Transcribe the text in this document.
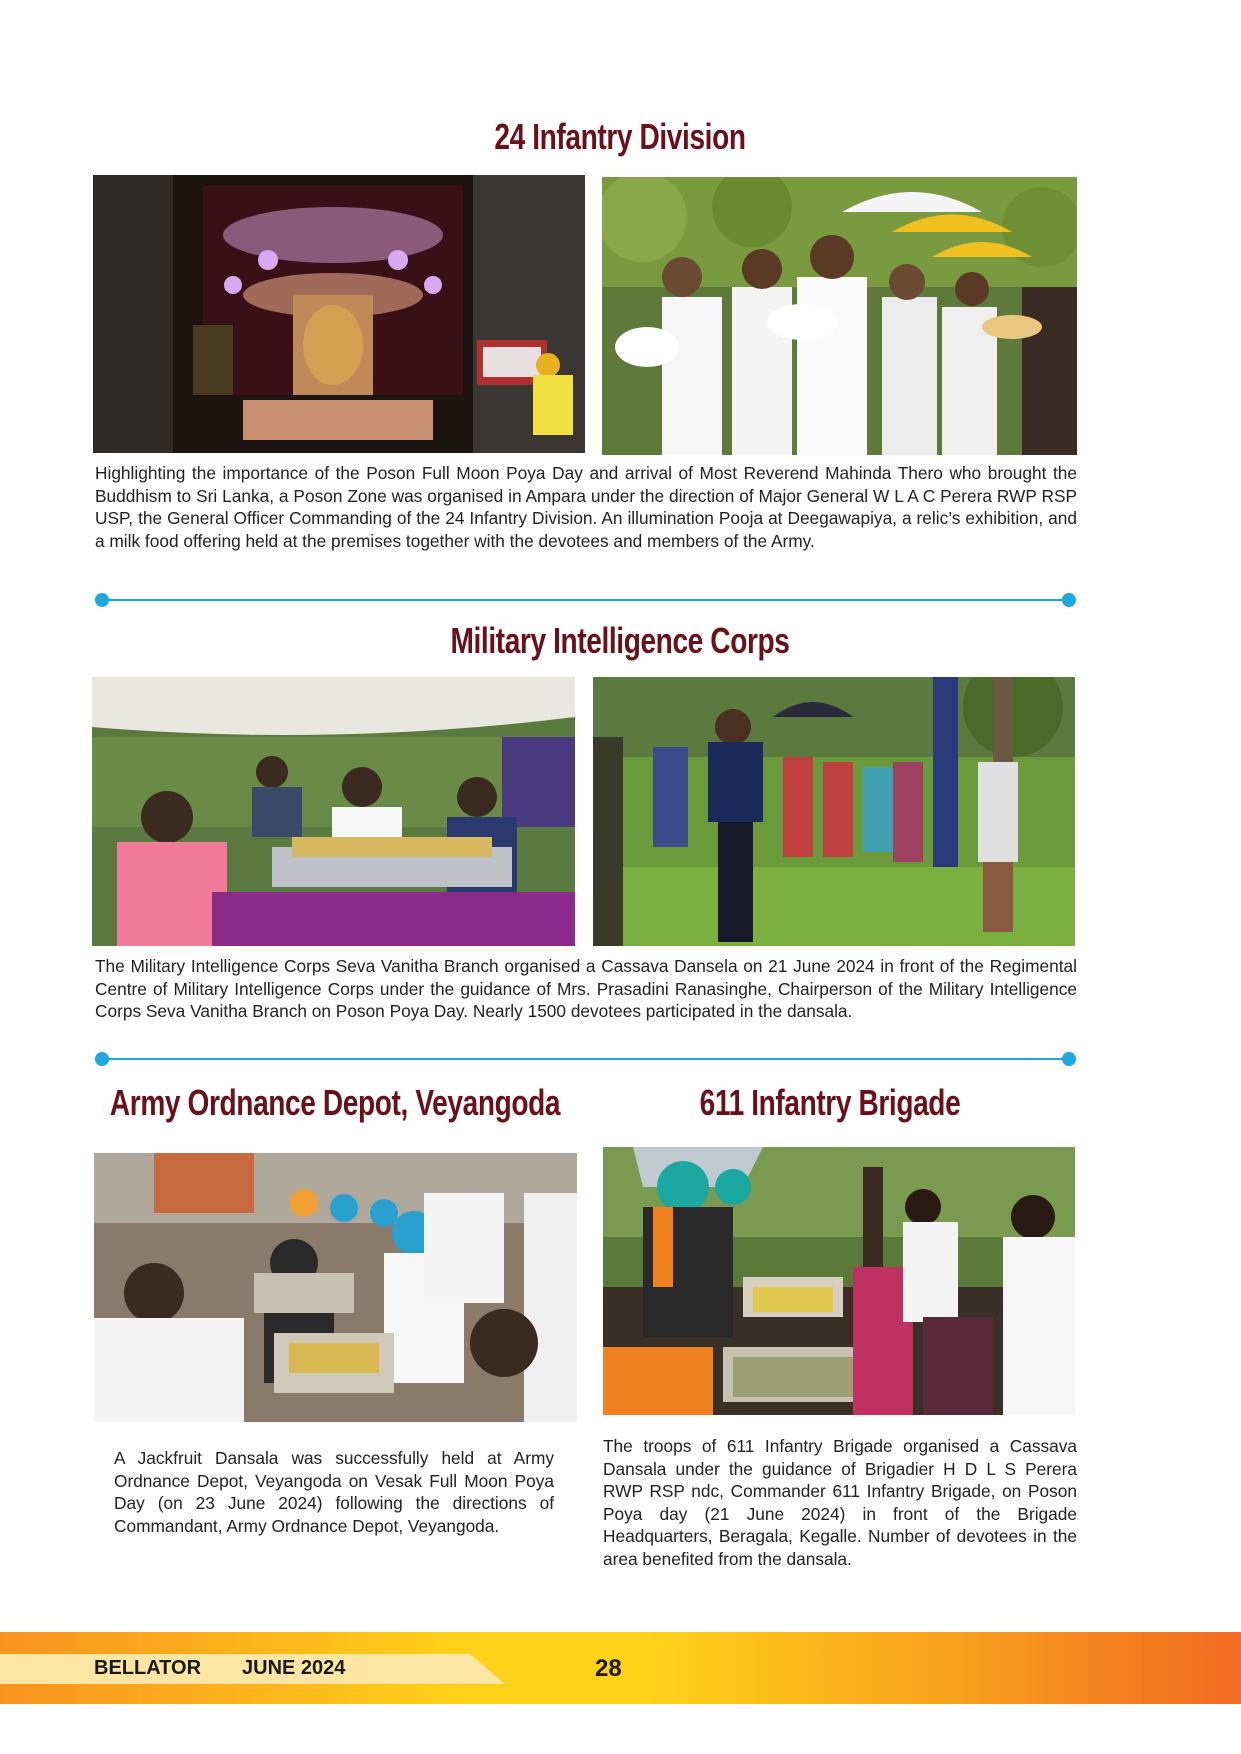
24 Infantry Division

Highlighting the importance of the Poson Full Moon Poya Day and arrival of Most Reverend Mahinda Thero who brought the Buddhism to Sri Lanka, a Poson Zone was organised in Ampara under the direction of Major General W L A C Perera RWP RSP USP, the General Officer Commanding of the 24 Infantry Division. An illumination Pooja at Deegawapiya, a relic’s exhibition, and a milk food offering held at the premises together with the devotees and members of the Army.

Military Intelligence Corps

The Military Intelligence Corps Seva Vanitha Branch organised a Cassava Dansela on 21 June 2024 in front of the Regimental Centre of Military Intelligence Corps under the guidance of Mrs. Prasadini Ranasinghe, Chairperson of the Military Intelligence Corps Seva Vanitha Branch on Poson Poya Day. Nearly 1500 devotees participated in the dansala.

Army Ordnance Depot, Veyangoda

A Jackfruit Dansala was successfully held at Army Ordnance Depot, Veyangoda on Vesak Full Moon Poya Day (on 23 June 2024) following the directions of Commandant, Army Ordnance Depot, Veyangoda.

611 Infantry Brigade

The troops of 611 Infantry Brigade organised a Cassava Dansala under the guidance of Brigadier H D L S Perera RWP RSP ndc, Commander 611 Infantry Brigade, on Poson Poya day (21 June 2024) in front of the Brigade Headquarters, Beragala, Kegalle. Number of devotees in the area benefited from the dansala.

BELLATOR JUNE 2024	28
